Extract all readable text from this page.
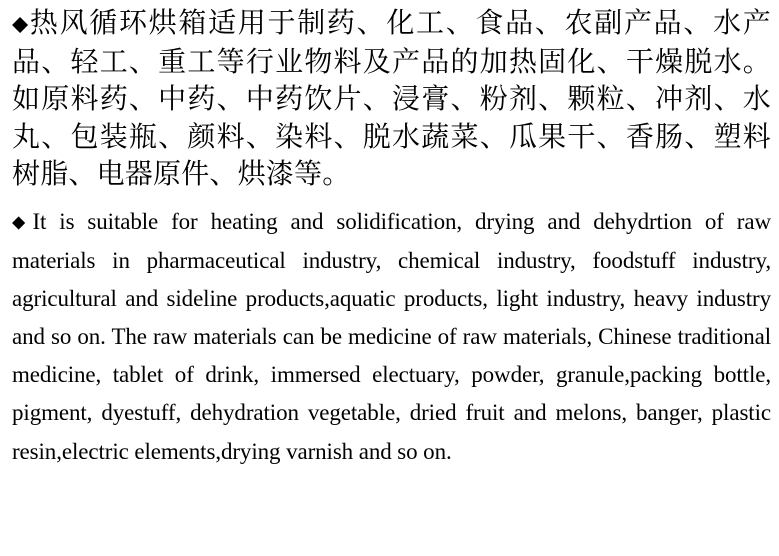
◆热风循环烘箱适用于制药、化工、食品、农副产品、水产品、轻工、重工等行业物料及产品的加热固化、干燥脱水。如原料药、中药、中药饮片、浸膏、粉剂、颗粒、冲剂、水丸、包装瓶、颜料、染料、脱水蔬菜、瓜果干、香肠、塑料树脂、电器原件、烘漆等。
◆It is suitable for heating and solidification, drying and dehydrtion of raw materials in pharmaceutical industry, chemical industry, foodstuff industry, agricultural and sideline products,aquatic products, light industry, heavy industry and so on. The raw materials can be medicine of raw materials, Chinese traditional medicine, tablet of drink, immersed electuary, powder, granule,packing bottle, pigment, dyestuff, dehydration vegetable, dried fruit and melons, banger, plastic resin,electric elements,drying varnish and so on.
